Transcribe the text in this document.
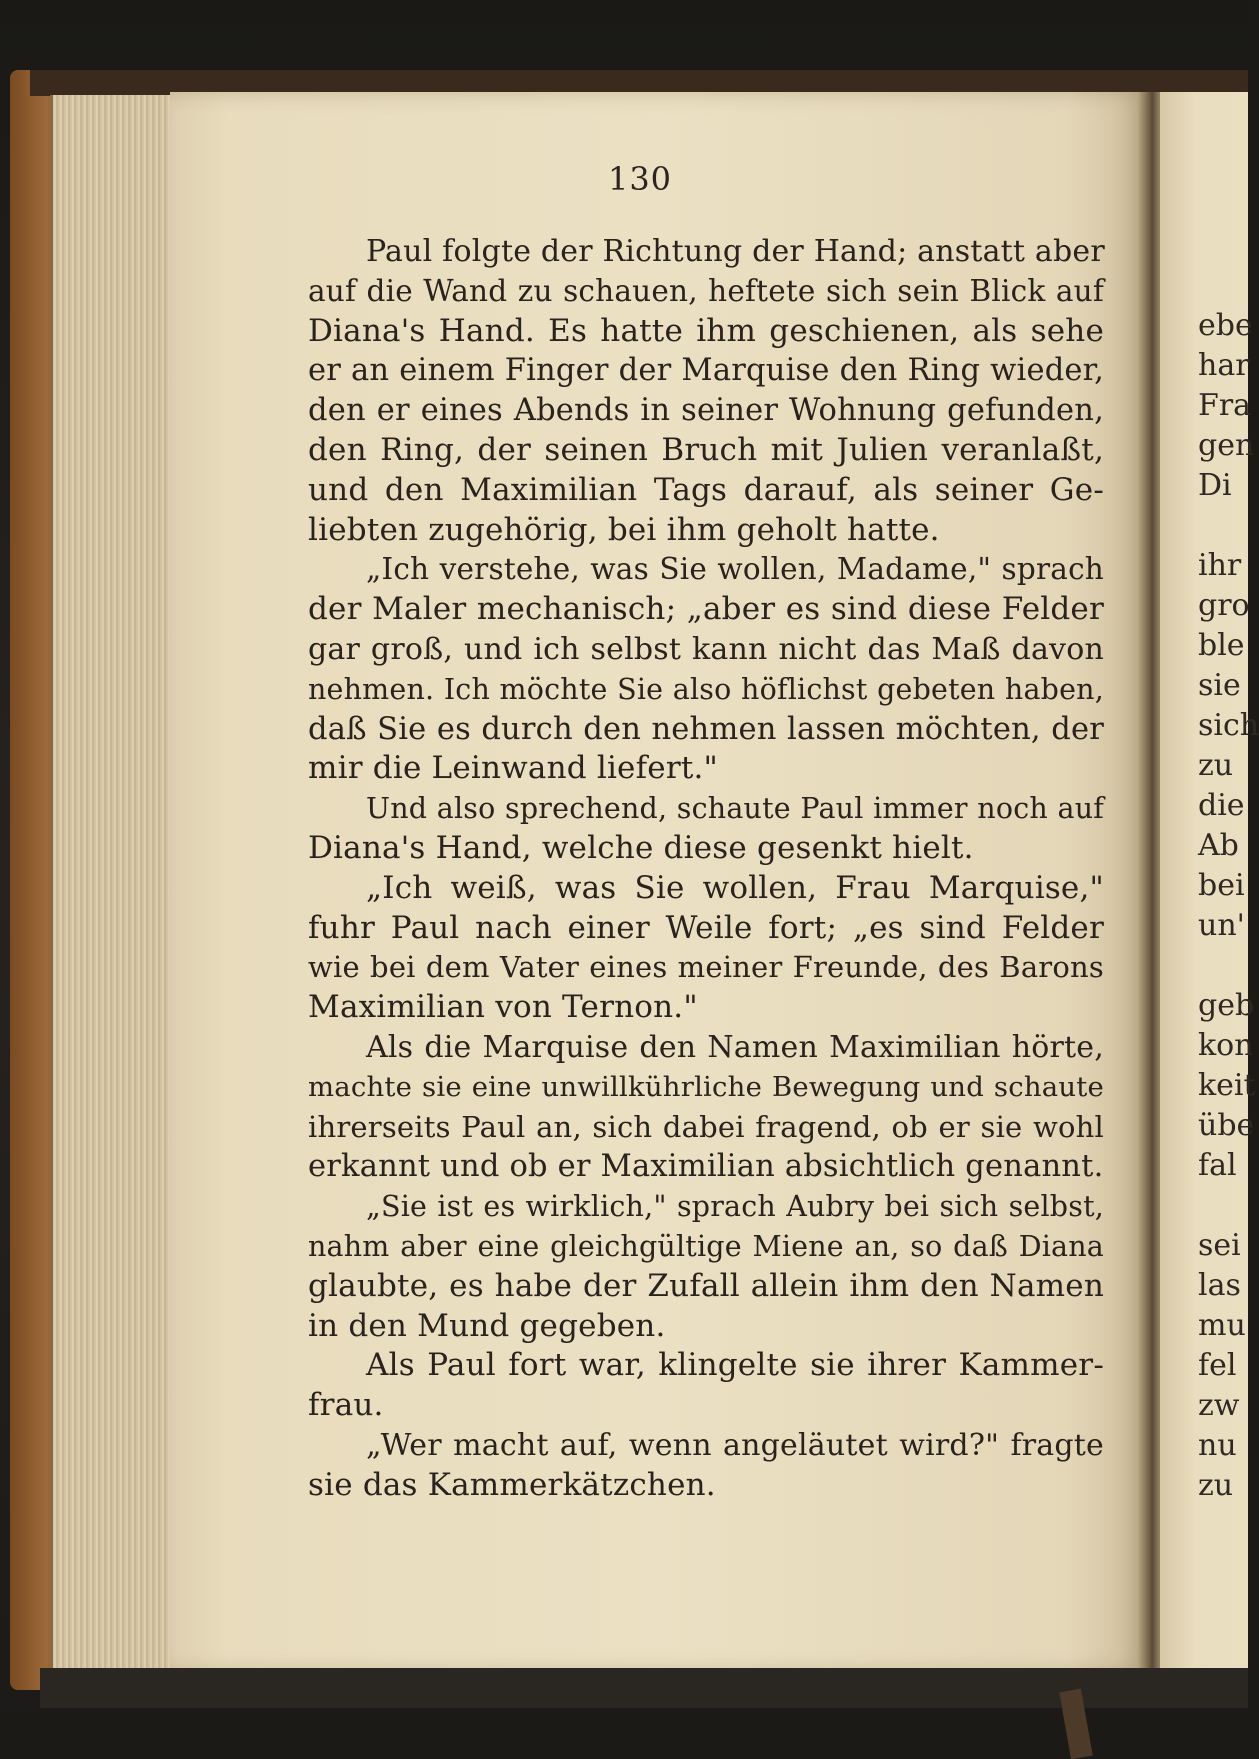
130
Paul folgte der Richtung der Hand; anstatt aber
auf die Wand zu schauen, heftete sich sein Blick auf
Diana's Hand. Es hatte ihm geschienen, als sehe
er an einem Finger der Marquise den Ring wieder,
den er eines Abends in seiner Wohnung gefunden,
den Ring, der seinen Bruch mit Julien veranlaßt,
und den Maximilian Tags darauf, als seiner Ge-
liebten zugehörig, bei ihm geholt hatte.
„Ich verstehe, was Sie wollen, Madame," sprach
der Maler mechanisch; „aber es sind diese Felder
gar groß, und ich selbst kann nicht das Maß davon
nehmen. Ich möchte Sie also höflichst gebeten haben,
daß Sie es durch den nehmen lassen möchten, der
mir die Leinwand liefert."
Und also sprechend, schaute Paul immer noch auf
Diana's Hand, welche diese gesenkt hielt.
„Ich weiß, was Sie wollen, Frau Marquise,"
fuhr Paul nach einer Weile fort; „es sind Felder
wie bei dem Vater eines meiner Freunde, des Barons
Maximilian von Ternon."
Als die Marquise den Namen Maximilian hörte,
machte sie eine unwillkührliche Bewegung und schaute
ihrerseits Paul an, sich dabei fragend, ob er sie wohl
erkannt und ob er Maximilian absichtlich genannt.
„Sie ist es wirklich," sprach Aubry bei sich selbst,
nahm aber eine gleichgültige Miene an, so daß Diana
glaubte, es habe der Zufall allein ihm den Namen
in den Mund gegeben.
Als Paul fort war, klingelte sie ihrer Kammer-
frau.
„Wer macht auf, wenn angeläutet wird?" fragte
sie das Kammerkätzchen.
ebe
har
Fra
gen
Di
ihr
gro
ble
sie
sich
zu
die
Ab
bei
un'
geb
kon
keit
übe
fal
sei
las
mu
fel
zw
nu
zu
